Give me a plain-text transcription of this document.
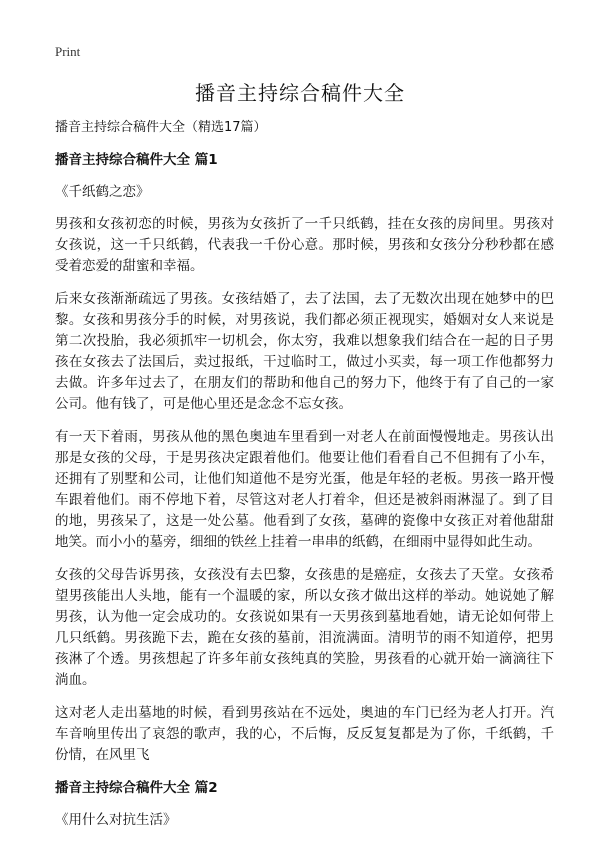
Print
播音主持综合稿件大全

播音主持综合稿件大全（精选17篇）

播音主持综合稿件大全 篇1

《千纸鹤之恋》

男孩和女孩初恋的时候，男孩为女孩折了一千只纸鹤，挂在女孩的房间里。男孩对女孩说，这一千只纸鹤，代表我一千份心意。那时候，男孩和女孩分分秒秒都在感受着恋爱的甜蜜和幸福。

后来女孩渐渐疏远了男孩。女孩结婚了，去了法国，去了无数次出现在她梦中的巴黎。女孩和男孩分手的时候，对男孩说，我们都必须正视现实，婚姻对女人来说是第二次投胎，我必须抓牢一切机会，你太穷，我难以想象我们结合在一起的日子男孩在女孩去了法国后，卖过报纸，干过临时工，做过小买卖，每一项工作他都努力去做。许多年过去了，在朋友们的帮助和他自己的努力下，他终于有了自己的一家公司。他有钱了，可是他心里还是念念不忘女孩。

有一天下着雨，男孩从他的黑色奥迪车里看到一对老人在前面慢慢地走。男孩认出那是女孩的父母，于是男孩决定跟着他们。他要让他们看看自己不但拥有了小车，还拥有了别墅和公司，让他们知道他不是穷光蛋，他是年轻的老板。男孩一路开慢车跟着他们。雨不停地下着，尽管这对老人打着伞，但还是被斜雨淋湿了。到了目的地，男孩呆了，这是一处公墓。他看到了女孩，墓碑的瓷像中女孩正对着他甜甜地笑。而小小的墓旁，细细的铁丝上挂着一串串的纸鹤，在细雨中显得如此生动。

女孩的父母告诉男孩，女孩没有去巴黎，女孩患的是癌症，女孩去了天堂。女孩希望男孩能出人头地，能有一个温暖的家，所以女孩才做出这样的举动。她说她了解男孩，认为他一定会成功的。女孩说如果有一天男孩到墓地看她，请无论如何带上几只纸鹤。男孩跪下去，跪在女孩的墓前，泪流满面。清明节的雨不知道停，把男孩淋了个透。男孩想起了许多年前女孩纯真的笑脸，男孩看的心就开始一滴滴往下淌血。

这对老人走出墓地的时候，看到男孩站在不远处，奥迪的车门已经为老人打开。汽车音响里传出了哀怨的歌声，我的心，不后悔，反反复复都是为了你，千纸鹤，千份情，在风里飞

播音主持综合稿件大全 篇2

《用什么对抗生活》
